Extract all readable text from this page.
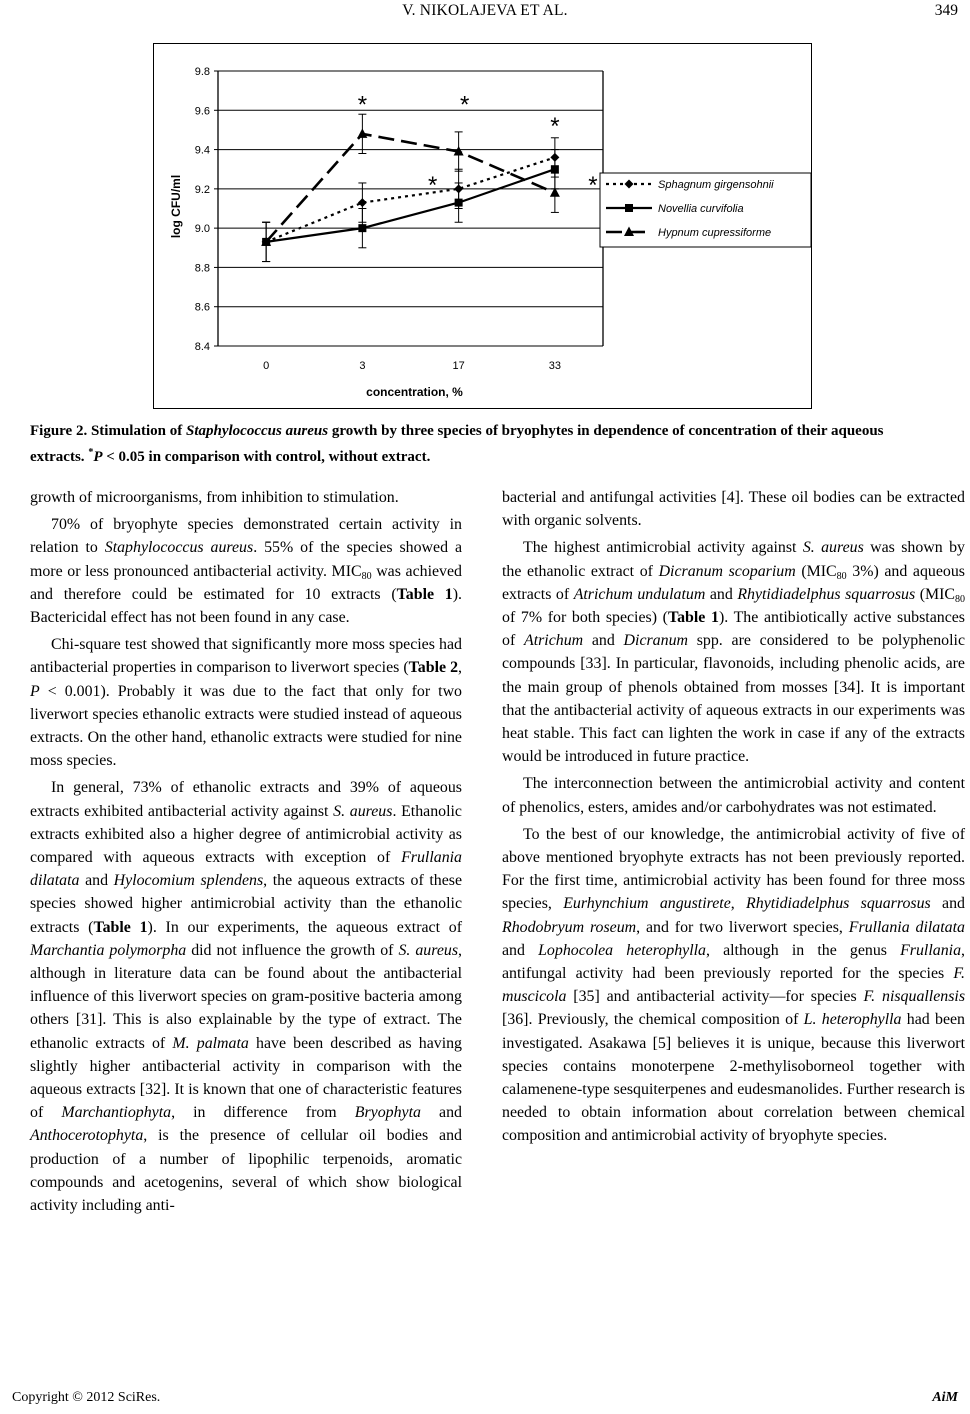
V. NIKOLAJEVA ET AL.	349
8.4
8.6
8.8
9.0
9.2
9.4
9.6
9.8
0	3	17	33
concentration, %
log CFU/ml
*	*
*
*	*	Sphagnum girgensohnii
Novellia curvifolia
Hypnum cupressiforme
Figure 2. Stimulation of Staphylococcus aureus growth by three species of bryophytes in dependence of concentration of their aqueous extracts. *P < 0.05 in comparison with control, without extract.

growth of microorganisms, from inhibition to stimulation.

70% of bryophyte species demonstrated certain activity in relation to Staphylococcus aureus. 55% of the species showed a more or less pronounced antibacterial activity. $MIC_{80}$ was achieved and therefore could be estimated for 10 extracts (Table 1). Bactericidal effect has not been found in any case.

Chi-square test showed that significantly more moss species had antibacterial properties in comparison to liverwort species (Table 2, P < 0.001). Probably it was due to the fact that only for two liverwort species ethanolic extracts were studied instead of aqueous extracts. On the other hand, ethanolic extracts were studied for nine moss species.

In general, 73% of ethanolic extracts and 39% of aqueous extracts exhibited antibacterial activity against S. aureus. Ethanolic extracts exhibited also a higher degree of antimicrobial activity as compared with aqueous extracts with exception of Frullania dilatata and Hylocomium splendens, the aqueous extracts of these species showed higher antimicrobial activity than the ethanolic extracts (Table 1). In our experiments, the aqueous extract of Marchantia polymorpha did not influence the growth of S. aureus, although in literature data can be found about the antibacterial influence of this liverwort species on gram-positive bacteria among others [31]. This is also explainable by the type of extract. The ethanolic extracts of M. palmata have been described as having slightly higher antibacterial activity in comparison with the aqueous extracts [32]. It is known that one of characteristic features of Marchantiophyta, in difference from Bryophyta and Anthocerotophyta, is the presence of cellular oil bodies and production of a number of lipophilic terpenoids, aromatic compounds and acetogenins, several of which show biological activity including anti-

bacterial and antifungal activities [4]. These oil bodies can be extracted with organic solvents.

The highest antimicrobial activity against S. aureus was shown by the ethanolic extract of Dicranum scoparium ($MIC_{80}$ 3%) and aqueous extracts of Atrichum undulatum and Rhytidiadelphus squarrosus ($MIC_{80}$ of 7% for both species) (Table 1). The antibiotically active substances of Atrichum and Dicranum spp. are considered to be polyphenolic compounds [33]. In particular, flavonoids, including phenolic acids, are the main group of phenols obtained from mosses [34]. It is important that the antibacterial activity of aqueous extracts in our experiments was heat stable. This fact can lighten the work in case if any of the extracts would be introduced in future practice.

The interconnection between the antimicrobial activity and content of phenolics, esters, amides and/or carbohydrates was not estimated.

To the best of our knowledge, the antimicrobial activity of five of above mentioned bryophyte extracts has not been previously reported. For the first time, antimicrobial activity has been found for three moss species, Eurhynchium angustirete, Rhytidiadelphus squarrosus and Rhodobryum roseum, and for two liverwort species, Frullania dilatata and Lophocolea heterophylla, although in the genus Frullania, antifungal activity had been previously reported for the species F. muscicola [35] and antibacterial activity—for species F. nisquallensis [36]. Previously, the chemical composition of L. heterophylla had been investigated. Asakawa [5] believes it is unique, because this liverwort species contains monoterpene 2-methylisoborneol together with calamenene-type sesquiterpenes and eudesmanolides. Further research is needed to obtain information about correlation between chemical composition and antimicrobial activity of bryophyte species.

Copyright © 2012 SciRes.	AiM
